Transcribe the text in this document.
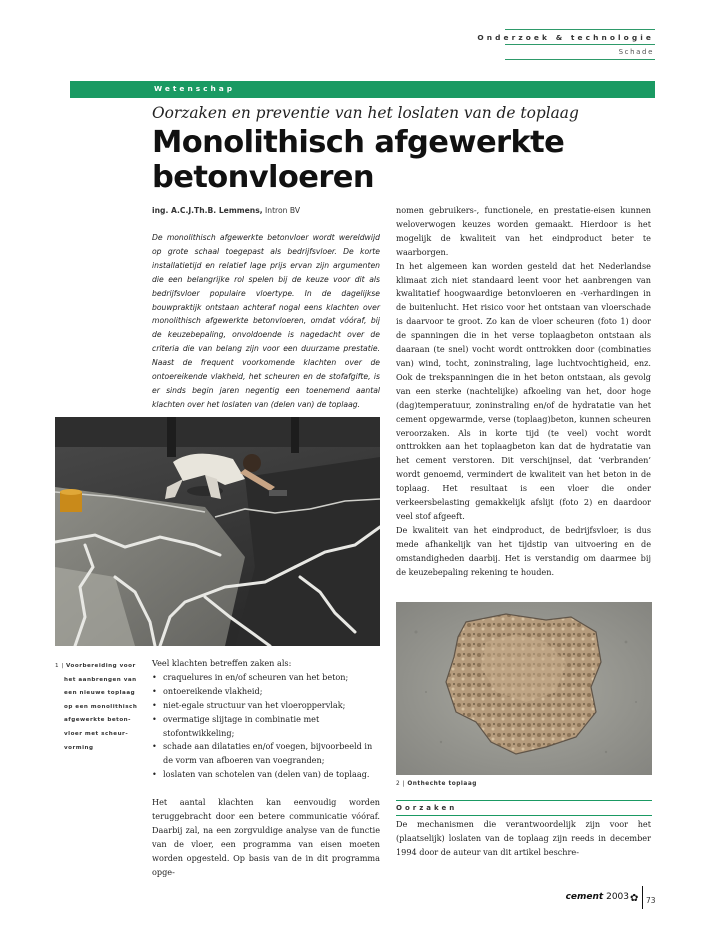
Onderzoek & technologie
Schade
Wetenschap
Oorzaken en preventie van het loslaten van de toplaag
Monolithisch afgewerkte betonvloeren
ing. A.C.J.Th.B. Lemmens, Intron BV

De monolithisch afgewerkte betonvloer wordt wereldwijd op grote schaal toegepast als bedrijfsvloer. De korte installatietijd en relatief lage prijs ervan zijn argumenten die een belangrijke rol spelen bij de keuze voor dit als bedrijfsvloer populaire vloertype. In de dagelijkse bouwpraktijk ontstaan achteraf nogal eens klachten over monolithisch afgewerkte betonvloeren, omdat vóóraf, bij de keuzebepaling, onvoldoende is nagedacht over de criteria die van belang zijn voor een duurzame prestatie. Naast de frequent voorkomende klachten over de ontoereikende vlakheid, het scheuren en de stofafgifte, is er sinds begin jaren negentig een toenemend aantal klachten over het loslaten van (delen van) de toplaag.

nomen gebruikers-, functionele, en prestatie-eisen kunnen weloverwogen keuzes worden gemaakt. Hierdoor is het mogelijk de kwaliteit van het eindproduct beter te waarborgen.

In het algemeen kan worden gesteld dat het Nederlandse klimaat zich niet standaard leent voor het aanbrengen van kwalitatief hoogwaardige betonvloeren en -verhardingen in de buitenlucht. Het risico voor het ontstaan van vloerschade is daarvoor te groot. Zo kan de vloer scheuren (foto 1) door de spanningen die in het verse toplaagbeton ontstaan als daaraan (te snel) vocht wordt onttrokken door (combinaties van) wind, tocht, zoninstraling, lage luchtvochtigheid, enz. Ook de trekspanningen die in het beton ontstaan, als gevolg van een sterke (nachtelijke) afkoeling van het, door hoge (dag)temperatuur, zoninstraling en/of de hydratatie van het cement opgewarmde, verse (toplaag)beton, kunnen scheuren veroorzaken. Als in korte tijd (te veel) vocht wordt onttrokken aan het toplaagbeton kan dat de hydratatie van het cement verstoren. Dit verschijnsel, dat ‘verbranden’ wordt genoemd, vermindert de kwaliteit van het beton in de toplaag. Het resultaat is een vloer die onder verkeersbelasting gemakkelijk afslijt (foto 2) en daardoor veel stof afgeeft.

De kwaliteit van het eindproduct, de bedrijfsvloer, is dus mede afhankelijk van het tijdstip van uitvoering en de omstandigheden daarbij. Het is verstandig om daarmee bij de keuzebepaling rekening te houden.

1 | Voorbereiding voor
het aanbrengen van
een nieuwe toplaag
op een monolithisch
afgewerkte beton-
vloer met scheur-
vorming

Veel klachten betreffen zaken als:

• craquelures in en/of scheuren van het beton;
• ontoereikende vlakheid;
• niet-egale structuur van het vloeroppervlak;
• overmatige slijtage in combinatie met stofontwikkeling;
• schade aan dilataties en/of voegen, bijvoorbeeld in de vorm van afboeren van voegranden;
• loslaten van schotelen van (delen van) de toplaag.

Het aantal klachten kan eenvoudig worden teruggebracht door een betere communicatie vóóraf. Daarbij zal, na een zorgvuldige analyse van de functie van de vloer, een programma van eisen moeten worden opgesteld. Op basis van de in dit programma opge-

2 | Onthechte toplaag
Oorzaken

De mechanismen die verantwoordelijk zijn voor het (plaatselijk) loslaten van de toplaag zijn reeds in december 1994 door de auteur van dit artikel beschre-

cement 2003 ✿ 73
